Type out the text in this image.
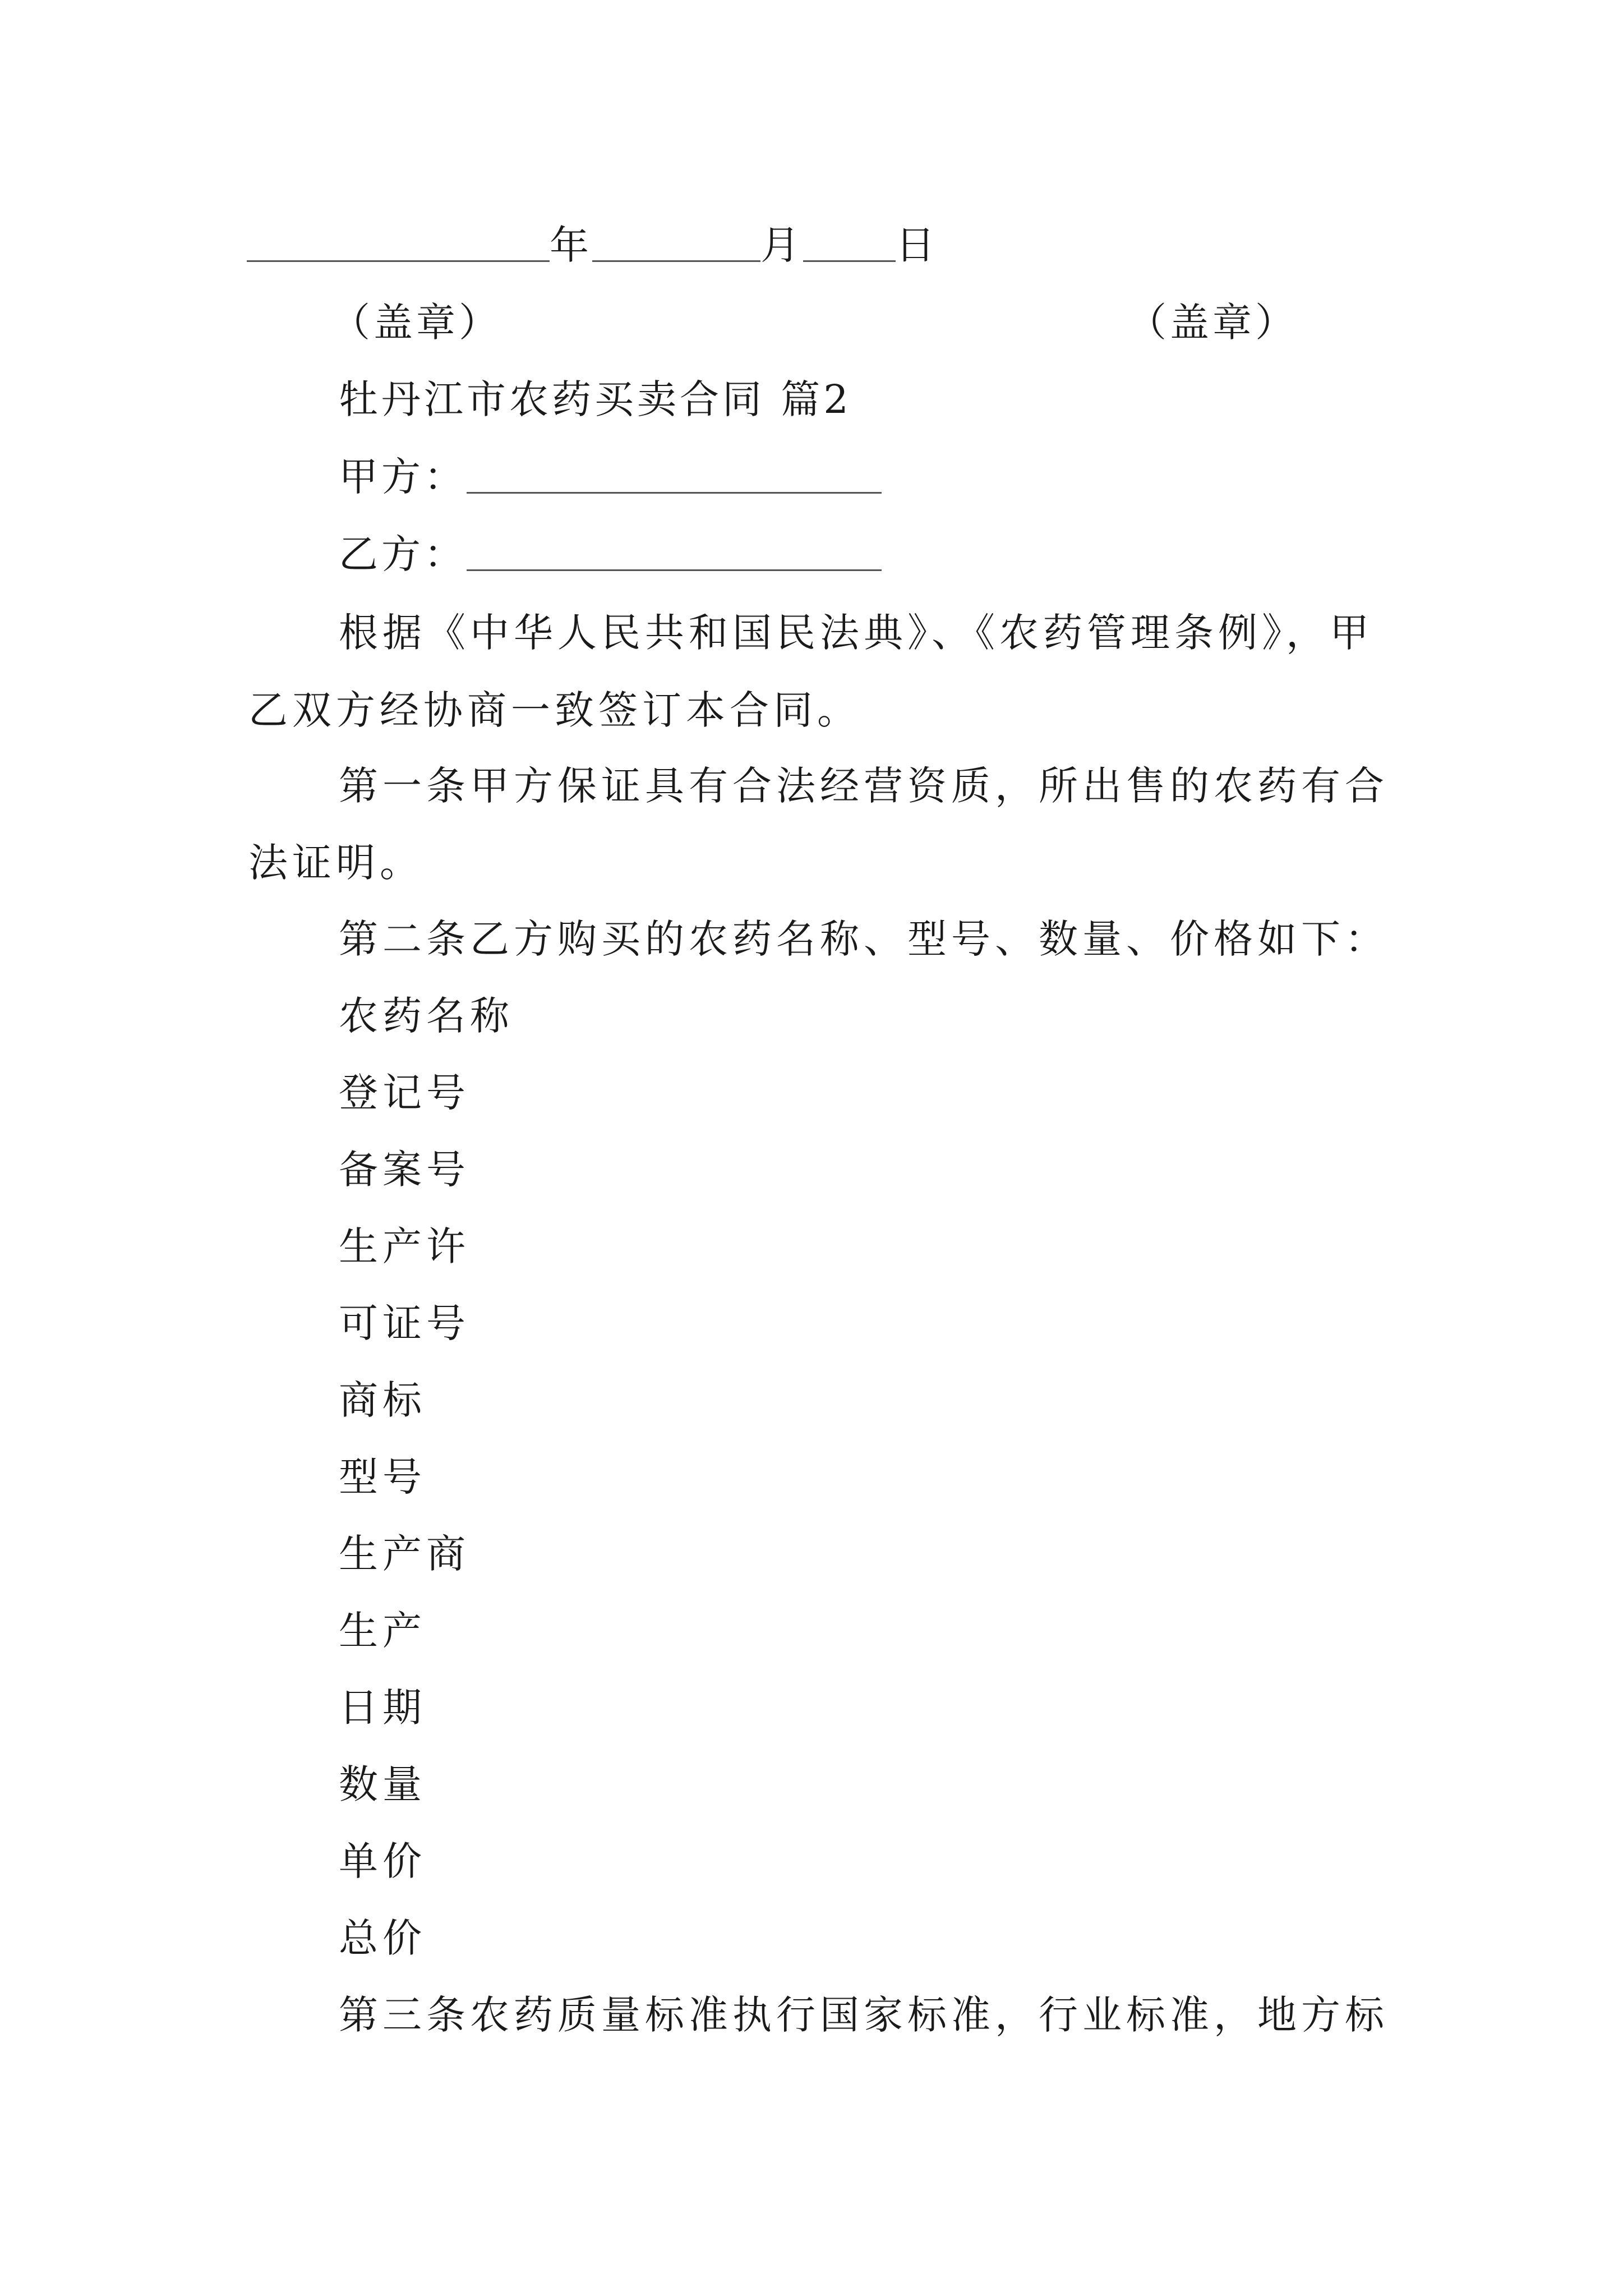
年	月 日
（盖章）	（盖章）
牡丹江市农药买卖合同 篇2
甲方：
乙方：
根据《中华人民共和国民法典》、《农药管理条例》，甲
乙双方经协商一致签订本合同。
第一条甲方保证具有合法经营资质，所出售的农药有合
法证明。
第二条乙方购买的农药名称、型号、数量、价格如下：
农药名称
登记号
备案号
生产许
可证号
商标
型号
生产商
生产
日期
数量
单价
总价
第三条农药质量标准执行国家标准，行业标准，地方标
